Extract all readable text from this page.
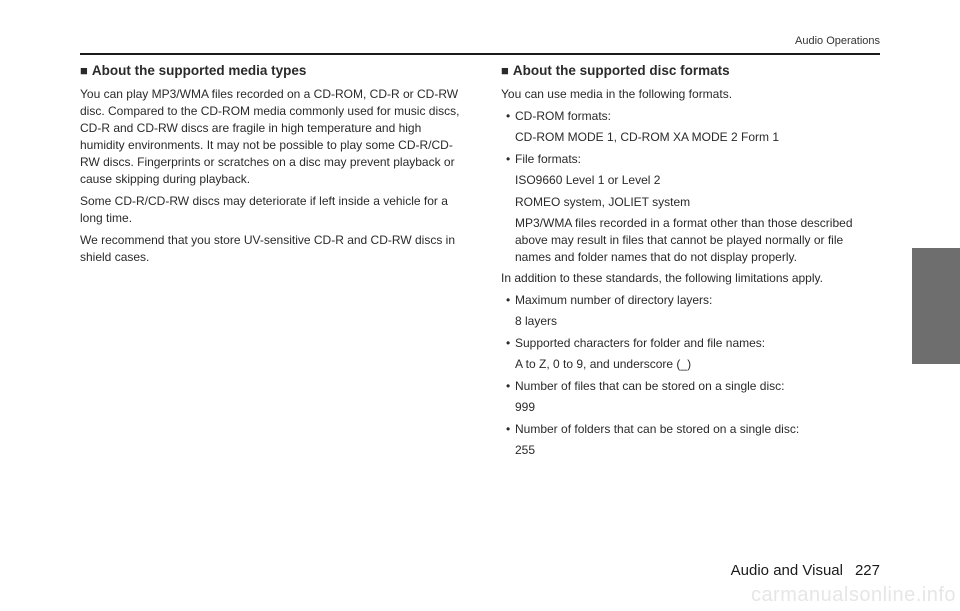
Audio Operations
■ About the supported media types

You can play MP3/WMA files recorded on a CD-ROM, CD-R or CD-RW disc. Compared to the CD-ROM media commonly used for music discs, CD-R and CD-RW discs are fragile in high temperature and high humidity environments. It may not be possible to play some CD-R/CD-RW discs. Fingerprints or scratches on a disc may prevent playback or cause skipping during playback.

Some CD-R/CD-RW discs may deteriorate if left inside a vehicle for a long time.

We recommend that you store UV-sensitive CD-R and CD-RW discs in shield cases.

■ About the supported disc formats

You can use media in the following formats.

• CD-ROM formats:
CD-ROM MODE 1, CD-ROM XA MODE 2 Form 1
• File formats:
ISO9660 Level 1 or Level 2
ROMEO system, JOLIET system
MP3/WMA files recorded in a format other than those described above may result in files that cannot be played normally or file names and folder names that do not display properly.

In addition to these standards, the following limitations apply.

• Maximum number of directory layers:
8 layers
• Supported characters for folder and file names:
A to Z, 0 to 9, and underscore (_)
• Number of files that can be stored on a single disc:
999
• Number of folders that can be stored on a single disc:
255
Audio and Visual 227
carmanualsonline.info
